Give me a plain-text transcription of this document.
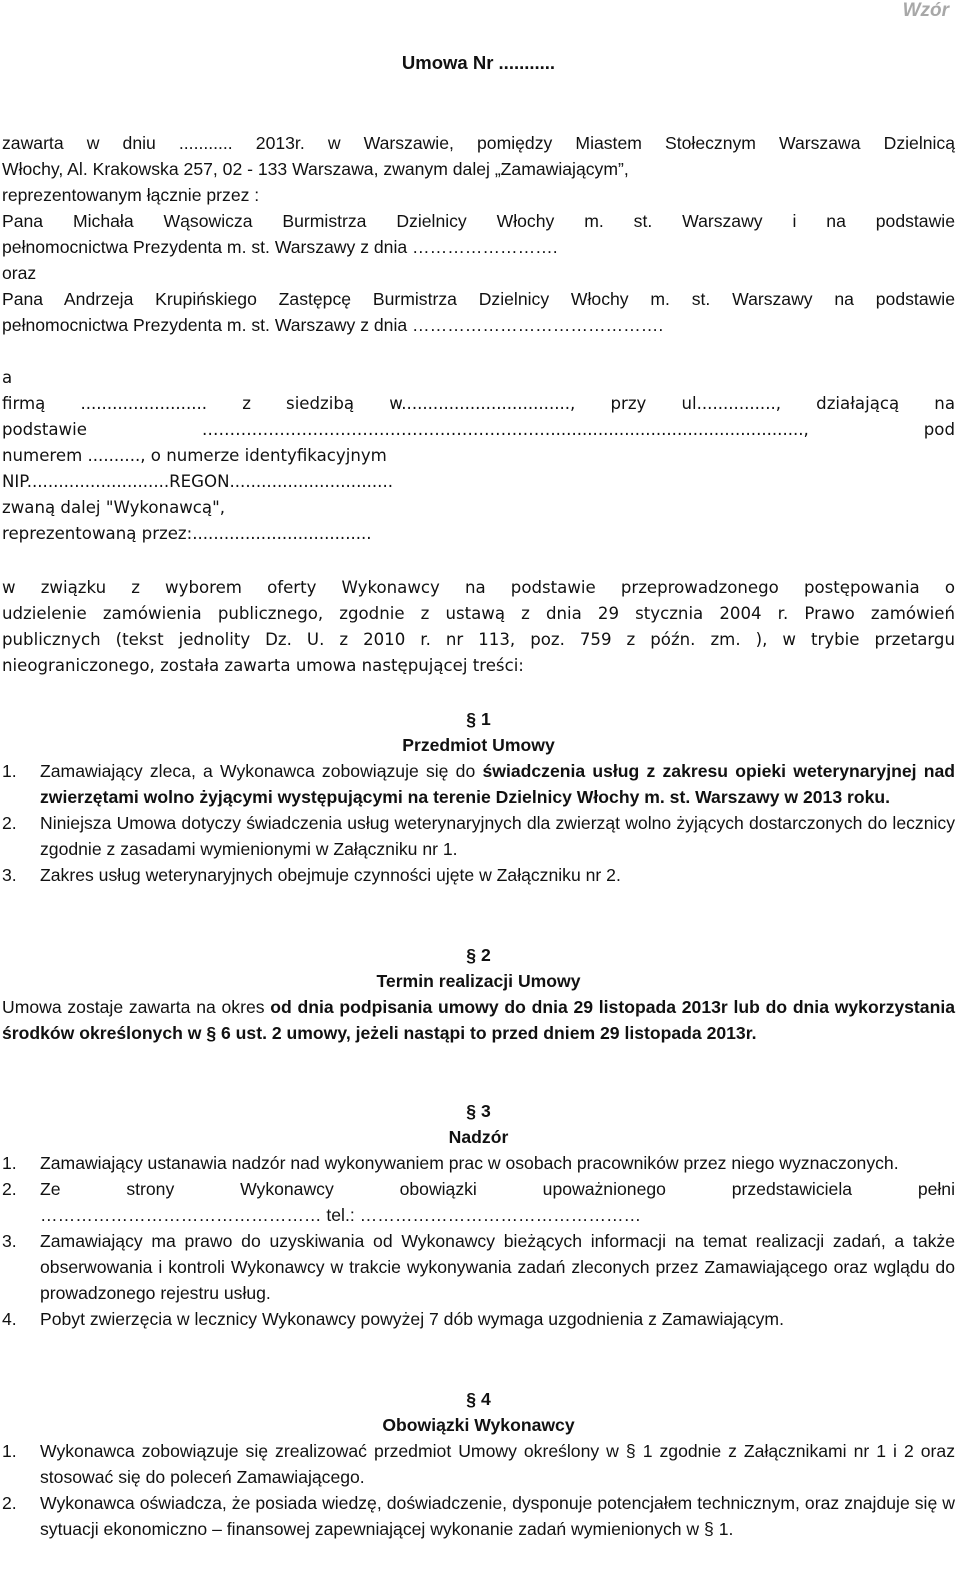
Wzór
Umowa Nr ...........
zawarta w dniu ........... 2013r. w Warszawie, pomiędzy Miastem Stołecznym Warszawa Dzielnicą
Włochy, Al. Krakowska 257, 02 - 133 Warszawa, zwanym dalej „Zamawiającym”,
reprezentowanym łącznie przez :
Pana Michała Wąsowicza Burmistrza Dzielnicy Włochy m. st. Warszawy i na podstawie
pełnomocnictwa Prezydenta m. st. Warszawy z dnia …………………….
oraz
Pana Andrzeja Krupińskiego Zastępcę Burmistrza Dzielnicy Włochy m. st. Warszawy na podstawie
pełnomocnictwa Prezydenta m. st. Warszawy z dnia …………………………………….
a
firmą ........................ z siedzibą w................................, przy ul..............., działającą na
podstawie ………………………………………………………................................................, pod
numerem .........., o numerze identyfikacyjnym
NIP...........................REGON...............................
zwaną dalej "Wykonawcą",
reprezentowaną przez:..................................
w związku z wyborem oferty Wykonawcy na podstawie przeprowadzonego postępowania o
udzielenie zamówienia publicznego, zgodnie z ustawą z dnia 29 stycznia 2004 r. Prawo zamówień
publicznych (tekst jednolity Dz. U. z 2010 r. nr 113, poz. 759 z późn. zm. ), w trybie przetargu
nieograniczonego, została zawarta umowa następującej treści:
§ 1
Przedmiot Umowy
1.	Zamawiający zleca, a Wykonawca zobowiązuje się do świadczenia usług z zakresu opieki weterynaryjnej nad zwierzętami wolno żyjącymi występującymi na terenie Dzielnicy Włochy m. st. Warszawy w 2013 roku.
2.	Niniejsza Umowa dotyczy świadczenia usług weterynaryjnych dla zwierząt wolno żyjących dostarczonych do lecznicy zgodnie z zasadami wymienionymi w Załączniku nr 1.
3.	Zakres usług weterynaryjnych obejmuje czynności ujęte w Załączniku nr 2.
§ 2
Termin realizacji Umowy
Umowa zostaje zawarta na okres od dnia podpisania umowy do dnia 29 listopada 2013r lub do dnia wykorzystania środków określonych w § 6 ust. 2 umowy, jeżeli nastąpi to przed dniem 29 listopada 2013r.
§ 3
Nadzór
1.	Zamawiający ustanawia nadzór nad wykonywaniem prac w osobach pracowników przez niego wyznaczonych.
2.	Ze strony Wykonawcy obowiązki upoważnionego przedstawiciela pełni
………………………………………… tel.: …………………………………………
3.	Zamawiający ma prawo do uzyskiwania od Wykonawcy bieżących informacji na temat realizacji zadań, a także obserwowania i kontroli Wykonawcy w trakcie wykonywania zadań zleconych przez Zamawiającego oraz wglądu do prowadzonego rejestru usług.
4.	Pobyt zwierzęcia w lecznicy Wykonawcy powyżej 7 dób wymaga uzgodnienia z Zamawiającym.
§ 4
Obowiązki Wykonawcy
1.	Wykonawca zobowiązuje się zrealizować przedmiot Umowy określony w § 1 zgodnie z Załącznikami nr 1 i 2 oraz stosować się do poleceń Zamawiającego.
2.	Wykonawca oświadcza, że posiada wiedzę, doświadczenie, dysponuje potencjałem technicznym, oraz znajduje się w sytuacji ekonomiczno – finansowej zapewniającej wykonanie zadań wymienionych w § 1.
